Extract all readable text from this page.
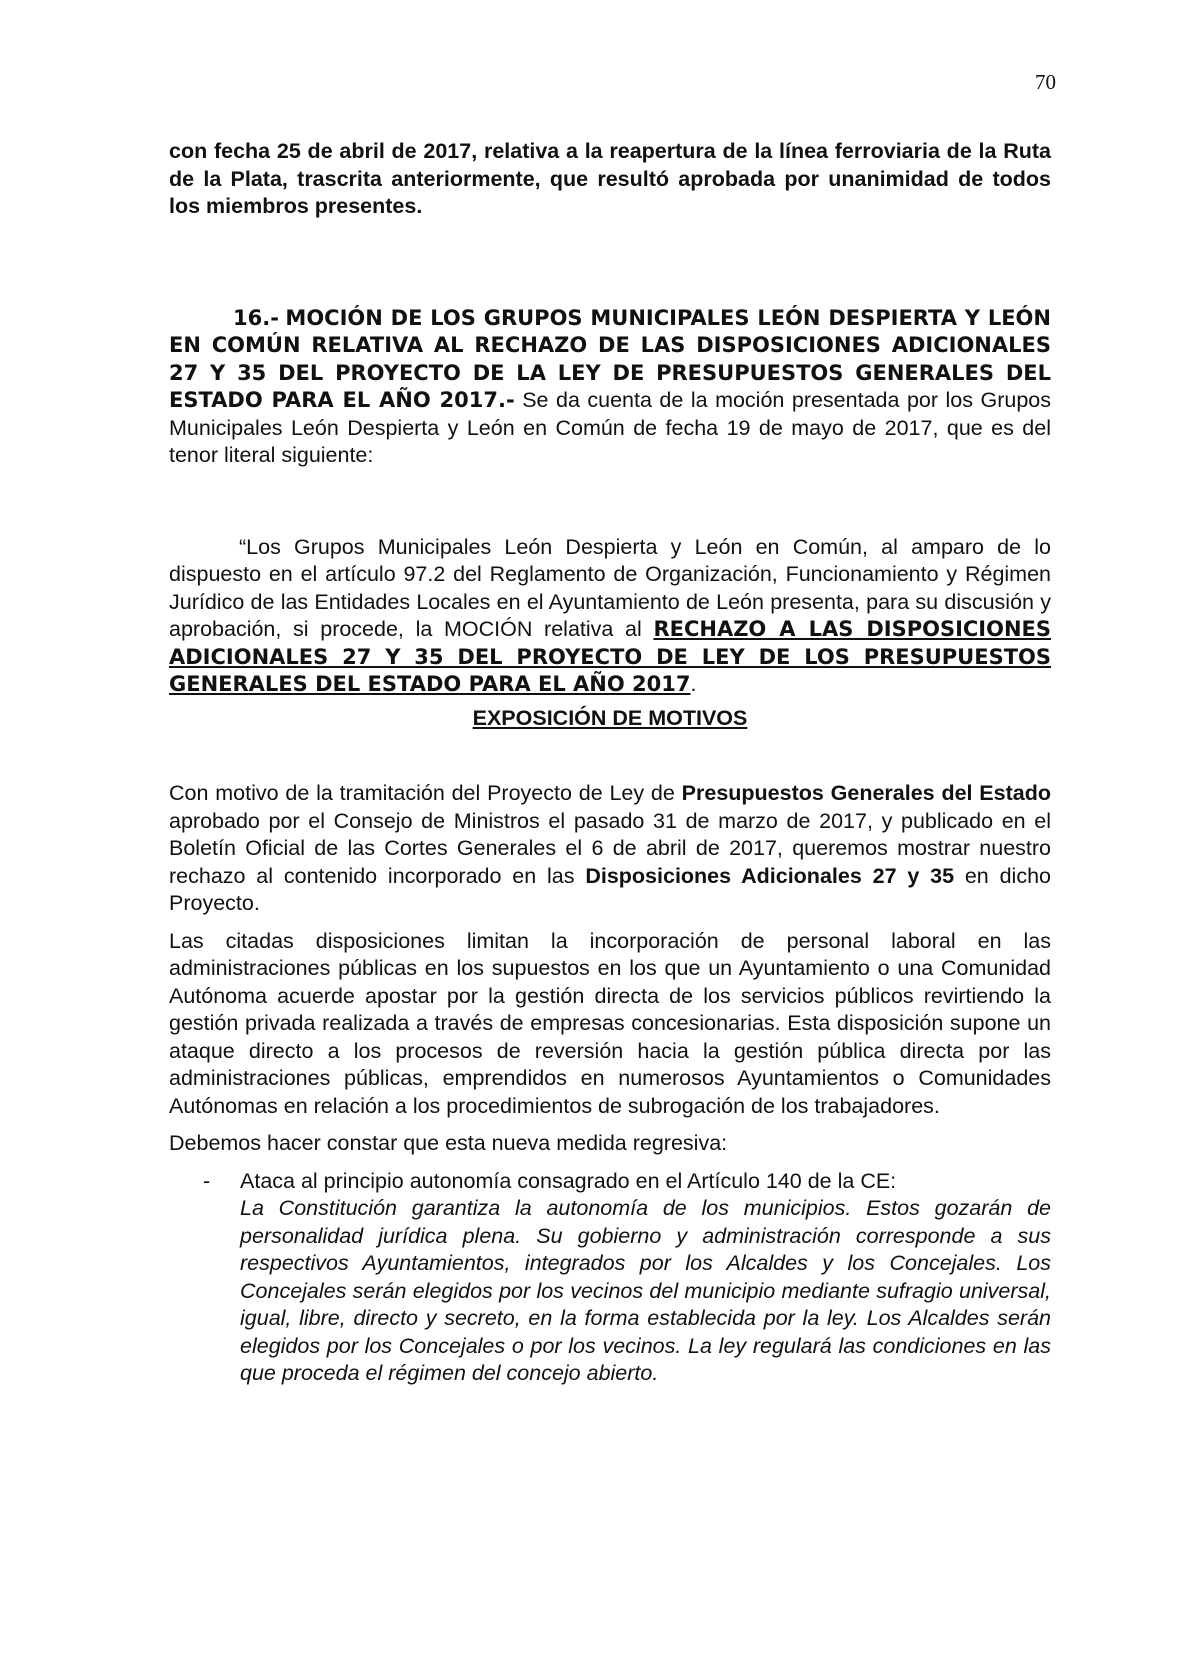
70

con fecha 25 de abril de 2017, relativa a la reapertura de la línea ferroviaria de la Ruta de la Plata, trascrita anteriormente, que resultó aprobada por unanimidad de todos los miembros presentes.

16.- MOCIÓN DE LOS GRUPOS MUNICIPALES LEÓN DESPIERTA Y LEÓN EN COMÚN RELATIVA AL RECHAZO DE LAS DISPOSICIONES ADICIONALES 27 Y 35 DEL PROYECTO DE LA LEY DE PRESUPUESTOS GENERALES DEL ESTADO PARA EL AÑO 2017.- Se da cuenta de la moción presentada por los Grupos Municipales León Despierta y León en Común de fecha 19 de mayo de 2017, que es del tenor literal siguiente:

“Los Grupos Municipales León Despierta y León en Común, al amparo de lo dispuesto en el artículo 97.2 del Reglamento de Organización, Funcionamiento y Régimen Jurídico de las Entidades Locales en el Ayuntamiento de León presenta, para su discusión y aprobación, si procede, la MOCIÓN relativa al RECHAZO A LAS DISPOSICIONES ADICIONALES 27 Y 35 DEL PROYECTO DE LEY DE LOS PRESUPUESTOS GENERALES DEL ESTADO PARA EL AÑO 2017.

EXPOSICIÓN DE MOTIVOS

Con motivo de la tramitación del Proyecto de Ley de Presupuestos Generales del Estado aprobado por el Consejo de Ministros el pasado 31 de marzo de 2017, y publicado en el Boletín Oficial de las Cortes Generales el 6 de abril de 2017, queremos mostrar nuestro rechazo al contenido incorporado en las Disposiciones Adicionales 27 y 35 en dicho Proyecto.

Las citadas disposiciones limitan la incorporación de personal laboral en las administraciones públicas en los supuestos en los que un Ayuntamiento o una Comunidad Autónoma acuerde apostar por la gestión directa de los servicios públicos revirtiendo la gestión privada realizada a través de empresas concesionarias. Esta disposición supone un ataque directo a los procesos de reversión hacia la gestión pública directa por las administraciones públicas, emprendidos en numerosos Ayuntamientos o Comunidades Autónomas en relación a los procedimientos de subrogación de los trabajadores.

Debemos hacer constar que esta nueva medida regresiva:

- Ataca al principio autonomía consagrado en el Artículo 140 de la CE:

La Constitución garantiza la autonomía de los municipios. Estos gozarán de personalidad jurídica plena. Su gobierno y administración corresponde a sus respectivos Ayuntamientos, integrados por los Alcaldes y los Concejales. Los Concejales serán elegidos por los vecinos del municipio mediante sufragio universal, igual, libre, directo y secreto, en la forma establecida por la ley. Los Alcaldes serán elegidos por los Concejales o por los vecinos. La ley regulará las condiciones en las que proceda el régimen del concejo abierto.
